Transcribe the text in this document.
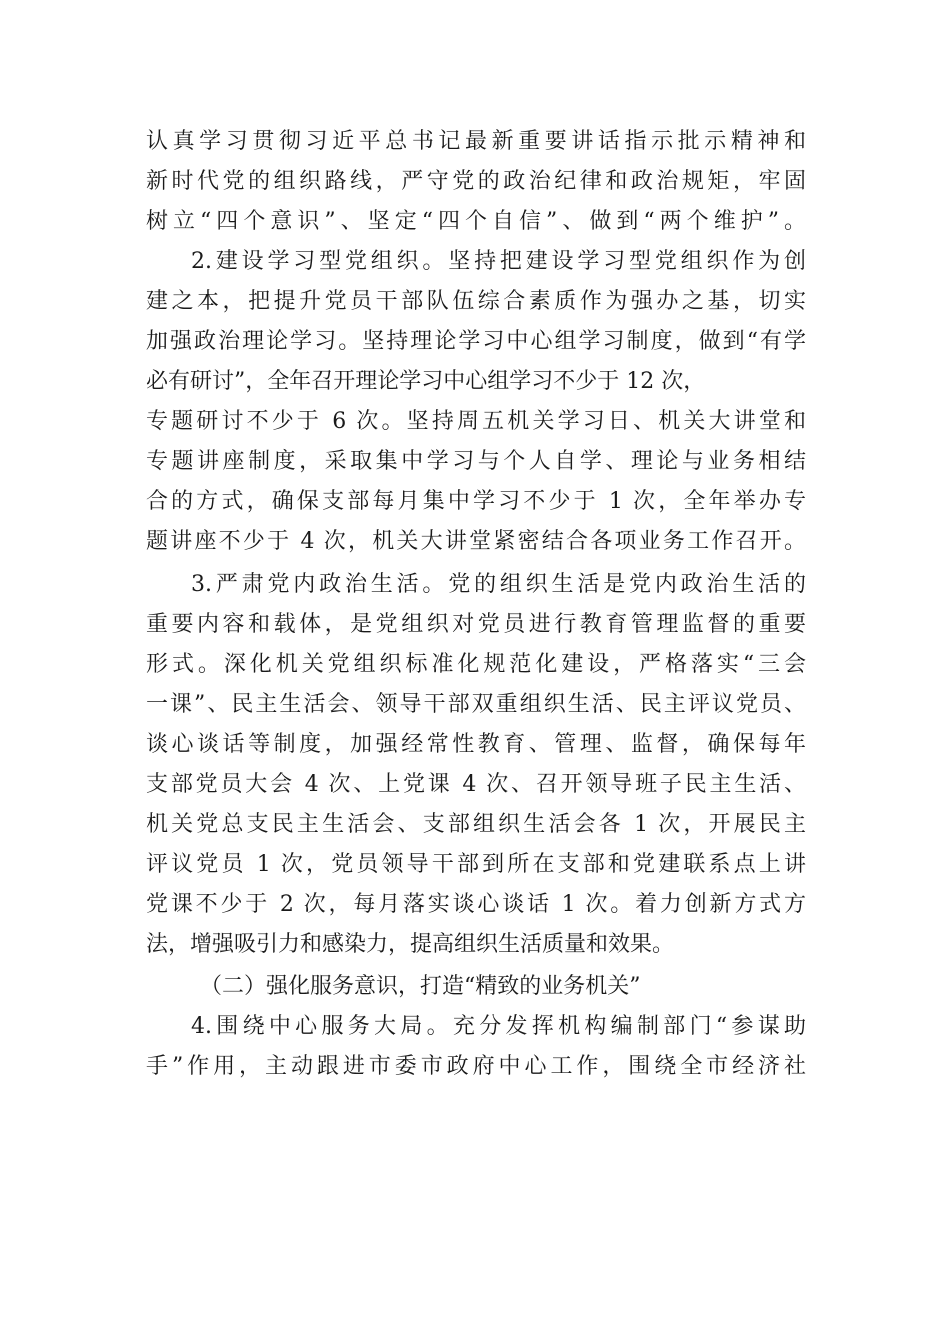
认真学习贯彻习近平总书记最新重要讲话指示批示精神和
新时代党的组织路线，严守党的政治纪律和政治规矩，牢固
树立“四个意识”、坚定“四个自信”、做到“两个维护”。
2.建设学习型党组织。坚持把建设学习型党组织作为创
建之本，把提升党员干部队伍综合素质作为强办之基，切实
加强政治理论学习。坚持理论学习中心组学习制度，做到“有学
必有研讨”，全年召开理论学习中心组学习不少于 12 次，
专题研讨不少于 6 次。坚持周五机关学习日、机关大讲堂和
专题讲座制度，采取集中学习与个人自学、理论与业务相结
合的方式，确保支部每月集中学习不少于 1 次，全年举办专
题讲座不少于 4 次，机关大讲堂紧密结合各项业务工作召开。
3.严肃党内政治生活。党的组织生活是党内政治生活的
重要内容和载体，是党组织对党员进行教育管理监督的重要
形式。深化机关党组织标准化规范化建设，严格落实“三会
一课”、民主生活会、领导干部双重组织生活、民主评议党员、
谈心谈话等制度，加强经常性教育、管理、监督，确保每年
支部党员大会 4 次、上党课 4 次、召开领导班子民主生活、
机关党总支民主生活会、支部组织生活会各 1 次，开展民主
评议党员 1 次，党员领导干部到所在支部和党建联系点上讲
党课不少于 2 次，每月落实谈心谈话 1 次。着力创新方式方
法，增强吸引力和感染力，提高组织生活质量和效果。
（二）强化服务意识，打造“精致的业务机关”
4.围绕中心服务大局。充分发挥机构编制部门“参谋助
手”作用，主动跟进市委市政府中心工作，围绕全市经济社
